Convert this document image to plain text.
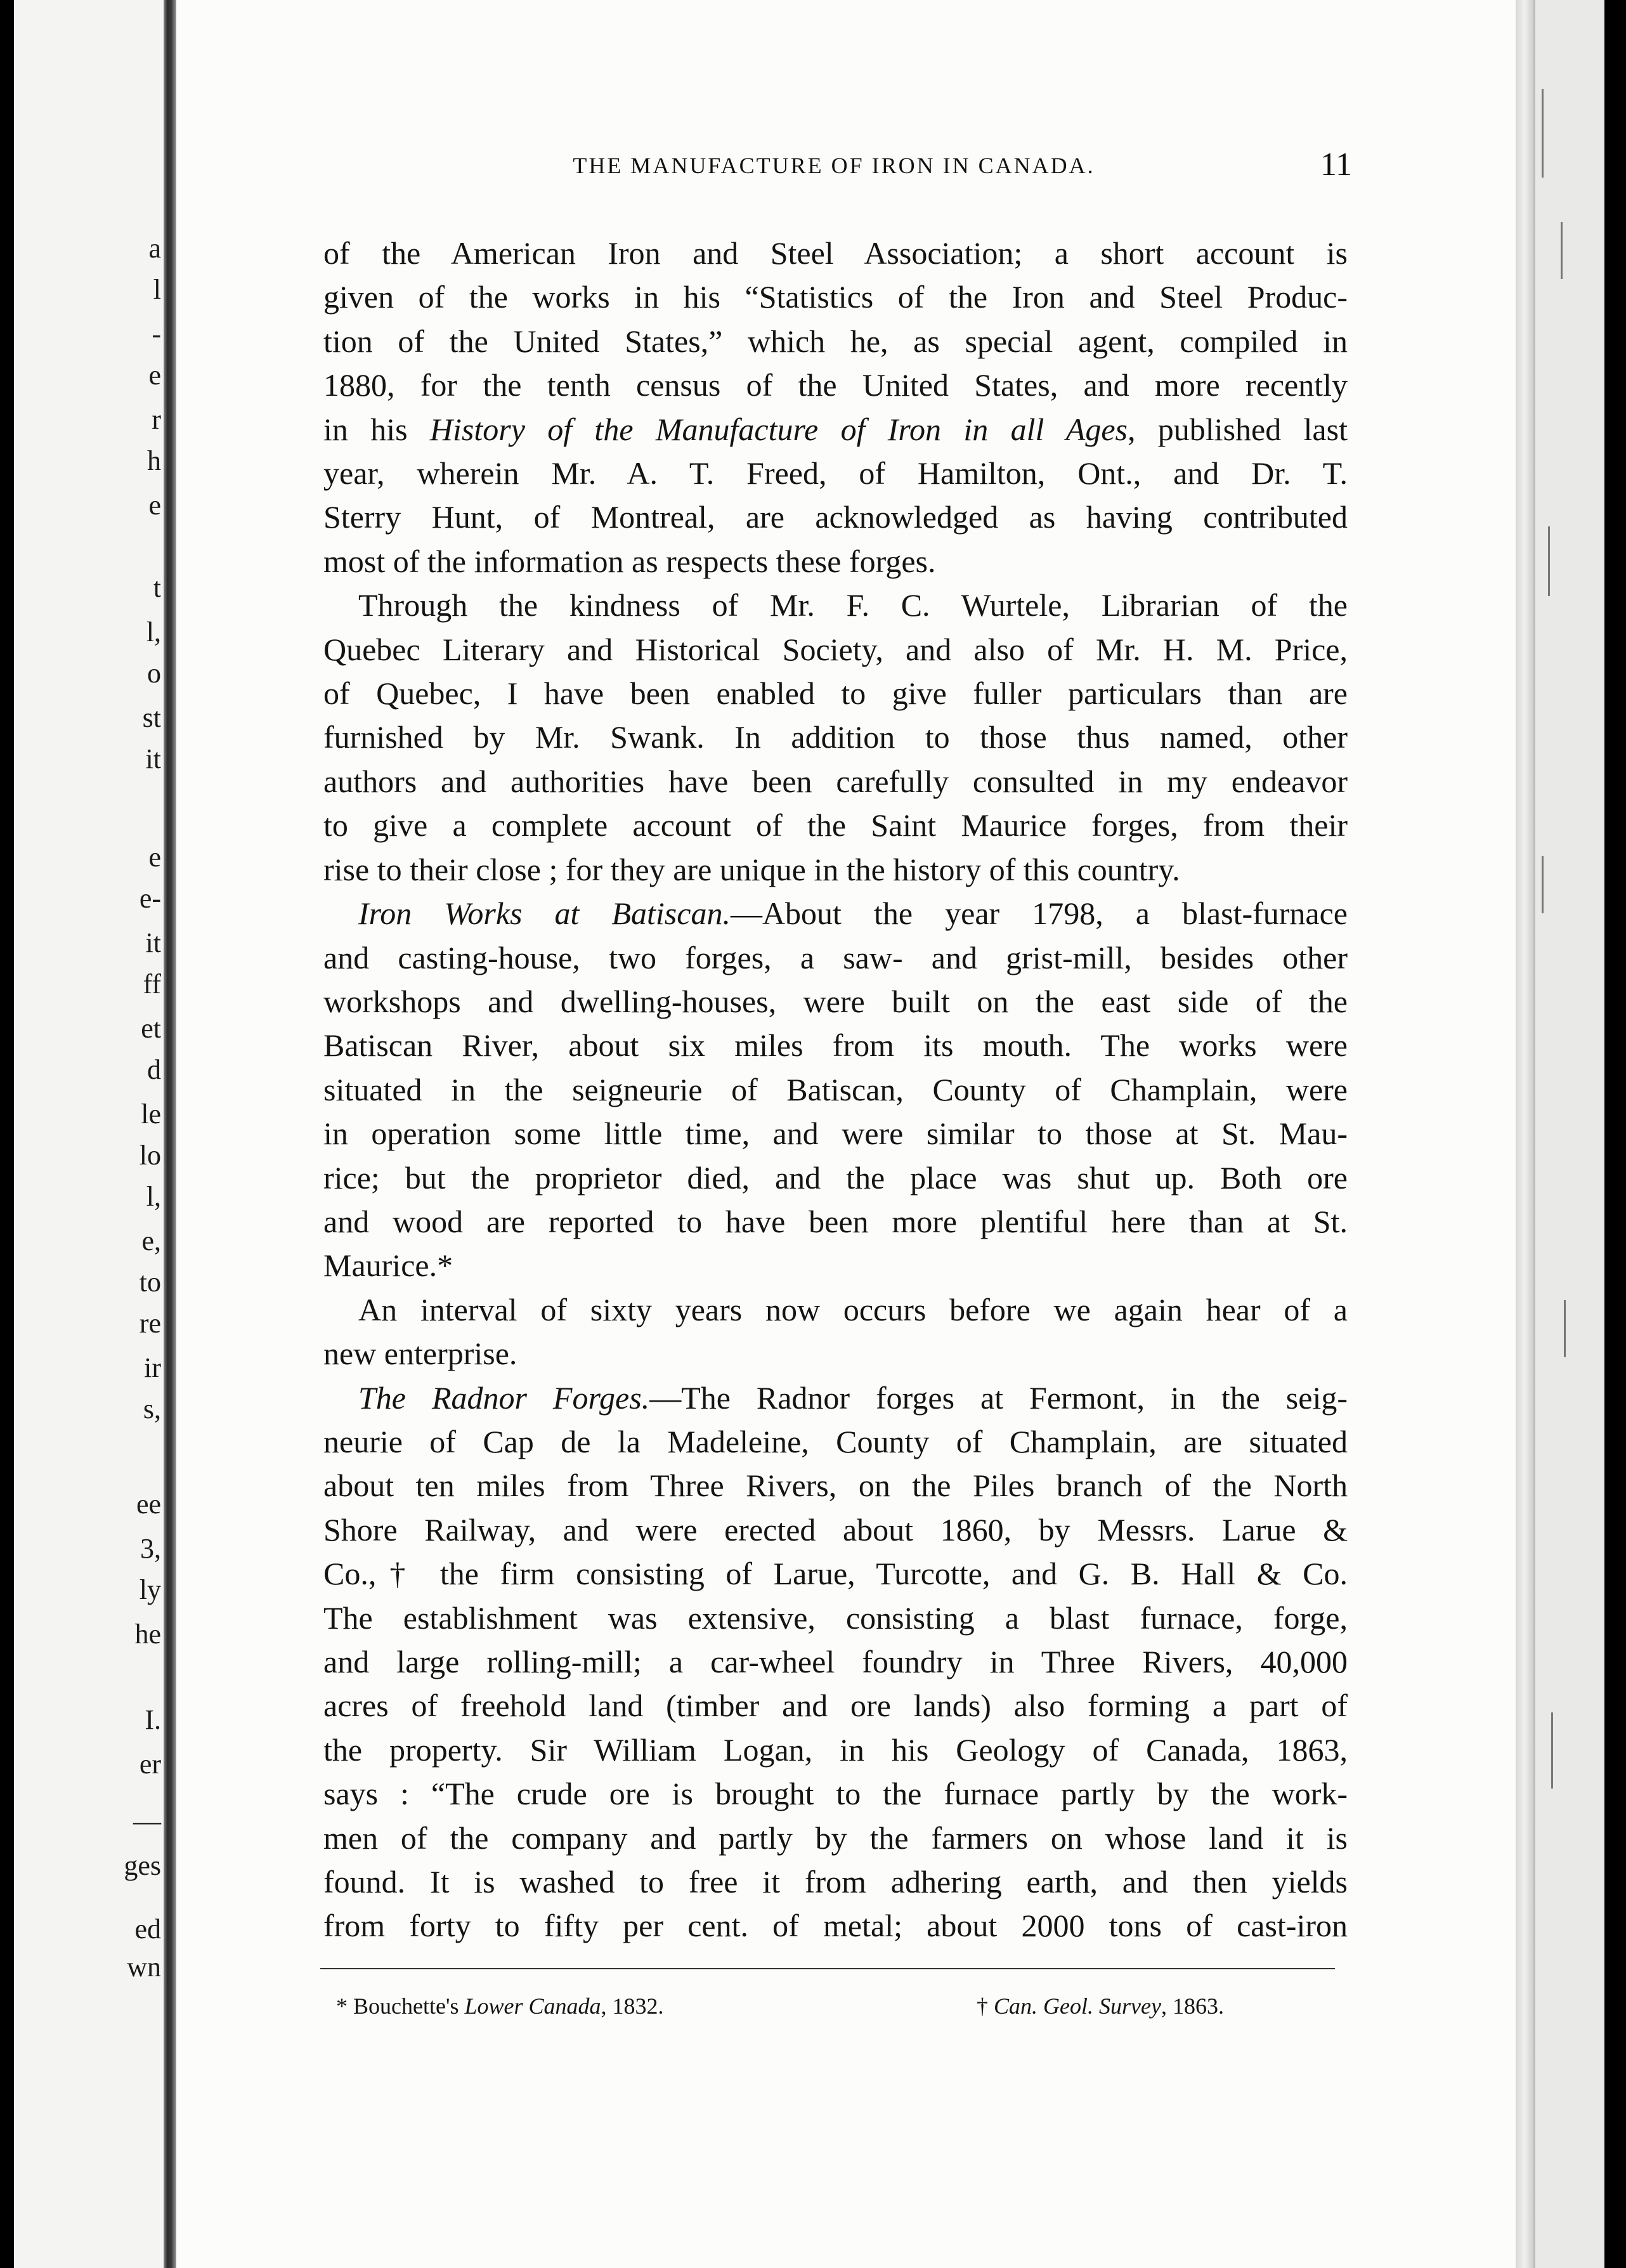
a
l
-
e
r
h
e
t
l,
o
st
it
e
e-
it
ff
et
d
le
lo
l,
e,
to
re
ir
s,
ee
3,
ly
he
I.
er
—
ges
ed
wn
THE MANUFACTURE OF IRON IN CANADA.	11
of the American Iron and Steel Association; a short account is
given of the works in his “Statistics of the Iron and Steel Produc-
tion of the United States,” which he, as special agent, compiled in
1880, for the tenth census of the United States, and more recently
in his History of the Manufacture of Iron in all Ages, published last
year, wherein Mr. A. T. Freed, of Hamilton, Ont., and Dr. T.
Sterry Hunt, of Montreal, are acknowledged as having contributed
most of the information as respects these forges.
Through the kindness of Mr. F. C. Wurtele, Librarian of the
Quebec Literary and Historical Society, and also of Mr. H. M. Price,
of Quebec, I have been enabled to give fuller particulars than are
furnished by Mr. Swank. In addition to those thus named, other
authors and authorities have been carefully consulted in my endeavor
to give a complete account of the Saint Maurice forges, from their
rise to their close ; for they are unique in the history of this country.
Iron Works at Batiscan.—About the year 1798, a blast-furnace
and casting-house, two forges, a saw- and grist-mill, besides other
workshops and dwelling-houses, were built on the east side of the
Batiscan River, about six miles from its mouth. The works were
situated in the seigneurie of Batiscan, County of Champlain, were
in operation some little time, and were similar to those at St. Mau-
rice; but the proprietor died, and the place was shut up. Both ore
and wood are reported to have been more plentiful here than at St.
Maurice.*
An interval of sixty years now occurs before we again hear of a
new enterprise.
The Radnor Forges.—The Radnor forges at Fermont, in the seig-
neurie of Cap de la Madeleine, County of Champlain, are situated
about ten miles from Three Rivers, on the Piles branch of the North
Shore Railway, and were erected about 1860, by Messrs. Larue &
Co.,† the firm consisting of Larue, Turcotte, and G. B. Hall & Co.
The establishment was extensive, consisting a blast furnace, forge,
and large rolling-mill; a car-wheel foundry in Three Rivers, 40,000
acres of freehold land (timber and ore lands) also forming a part of
the property. Sir William Logan, in his Geology of Canada, 1863,
says : “The crude ore is brought to the furnace partly by the work-
men of the company and partly by the farmers on whose land it is
found. It is washed to free it from adhering earth, and then yields
from forty to fifty per cent. of metal; about 2000 tons of cast-iron
* Bouchette's Lower Canada, 1832.	† Can. Geol. Survey, 1863.
